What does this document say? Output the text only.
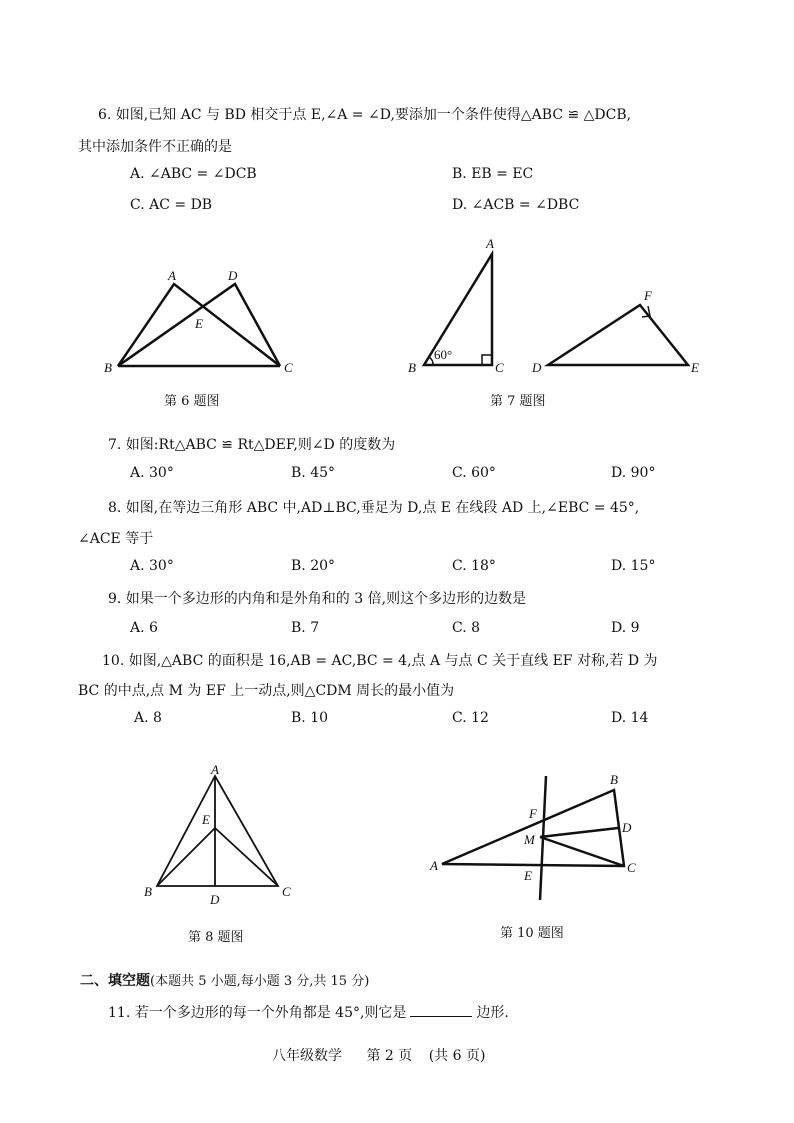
6. 如图,已知 AC 与 BD 相交于点 E,∠A = ∠D,要添加一个条件使得△ABC ≌ △DCB,
其中添加条件不正确的是
A. ∠ABC = ∠DCB	B. EB = EC
C. AC = DB	D. ∠ACB = ∠DBC
A	D
E
B	C
第 6 题图
A
B	C
60°
D	E
F
第 7 题图
7. 如图:Rt△ABC ≌ Rt△DEF,则∠D 的度数为
A. 30°	B. 45°	C. 60°	D. 90°
8. 如图,在等边三角形 ABC 中,AD⊥BC,垂足为 D,点 E 在线段 AD 上,∠EBC = 45°,
∠ACE 等于
A. 30°	B. 20°	C. 18°	D. 15°
9. 如果一个多边形的内角和是外角和的 3 倍,则这个多边形的边数是
A. 6	B. 7	C. 8	D. 9
10. 如图,△ABC 的面积是 16,AB = AC,BC = 4,点 A 与点 C 关于直线 EF 对称,若 D 为
BC 的中点,点 M 为 EF 上一动点,则△CDM 周长的最小值为
A. 8	B. 10	C. 12	D. 14
A
E
B
D
C
第 8 题图
A
B
C
D
E
F
M
第 10 题图
二、填空题(本题共 5 小题,每小题 3 分,共 15 分)
11. 若一个多边形的每一个外角都是 45°,则它是	边形.
八年级数学 第 2 页 (共 6 页)
